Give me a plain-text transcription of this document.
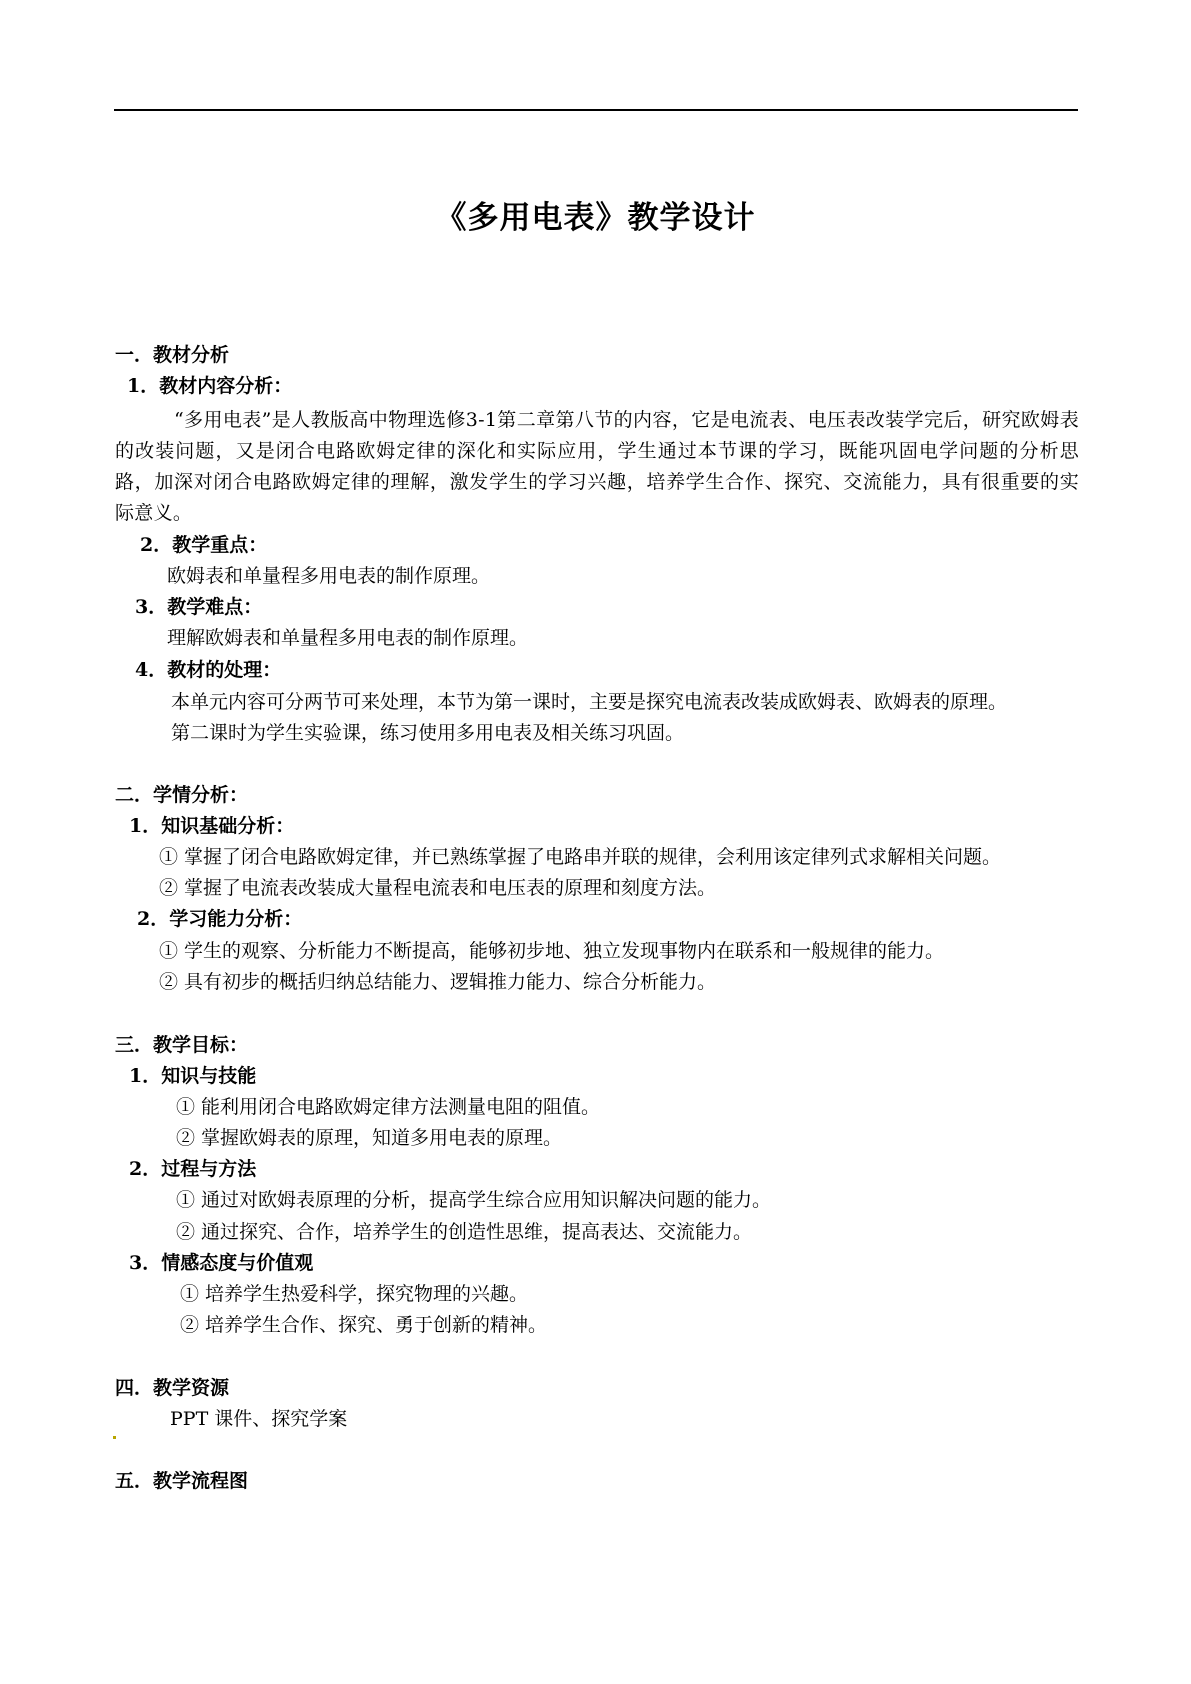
《多用电表》教学设计
一．教材分析
1．教材内容分析：
“多用电表”是人教版高中物理选修3-1第二章第八节的内容，它是电流表、电压表改装学完后，研究欧姆表的改装问题，又是闭合电路欧姆定律的深化和实际应用，学生通过本节课的学习，既能巩固电学问题的分析思路，加深对闭合电路欧姆定律的理解，激发学生的学习兴趣，培养学生合作、探究、交流能力，具有很重要的实际意义。
2．教学重点：
欧姆表和单量程多用电表的制作原理。
3．教学难点：
理解欧姆表和单量程多用电表的制作原理。
4．教材的处理：
本单元内容可分两节可来处理，本节为第一课时，主要是探究电流表改装成欧姆表、欧姆表的原理。
第二课时为学生实验课，练习使用多用电表及相关练习巩固。
二．学情分析：
1．知识基础分析：
① 掌握了闭合电路欧姆定律，并已熟练掌握了电路串并联的规律，会利用该定律列式求解相关问题。
② 掌握了电流表改装成大量程电流表和电压表的原理和刻度方法。
2．学习能力分析：
① 学生的观察、分析能力不断提高，能够初步地、独立发现事物内在联系和一般规律的能力。
② 具有初步的概括归纳总结能力、逻辑推力能力、综合分析能力。
三．教学目标：
1．知识与技能
① 能利用闭合电路欧姆定律方法测量电阻的阻值。
② 掌握欧姆表的原理，知道多用电表的原理。
2．过程与方法
① 通过对欧姆表原理的分析，提高学生综合应用知识解决问题的能力。
② 通过探究、合作，培养学生的创造性思维，提高表达、交流能力。
3．情感态度与价值观
① 培养学生热爱科学，探究物理的兴趣。
② 培养学生合作、探究、勇于创新的精神。
四．教学资源
PPT 课件、探究学案
五．教学流程图
